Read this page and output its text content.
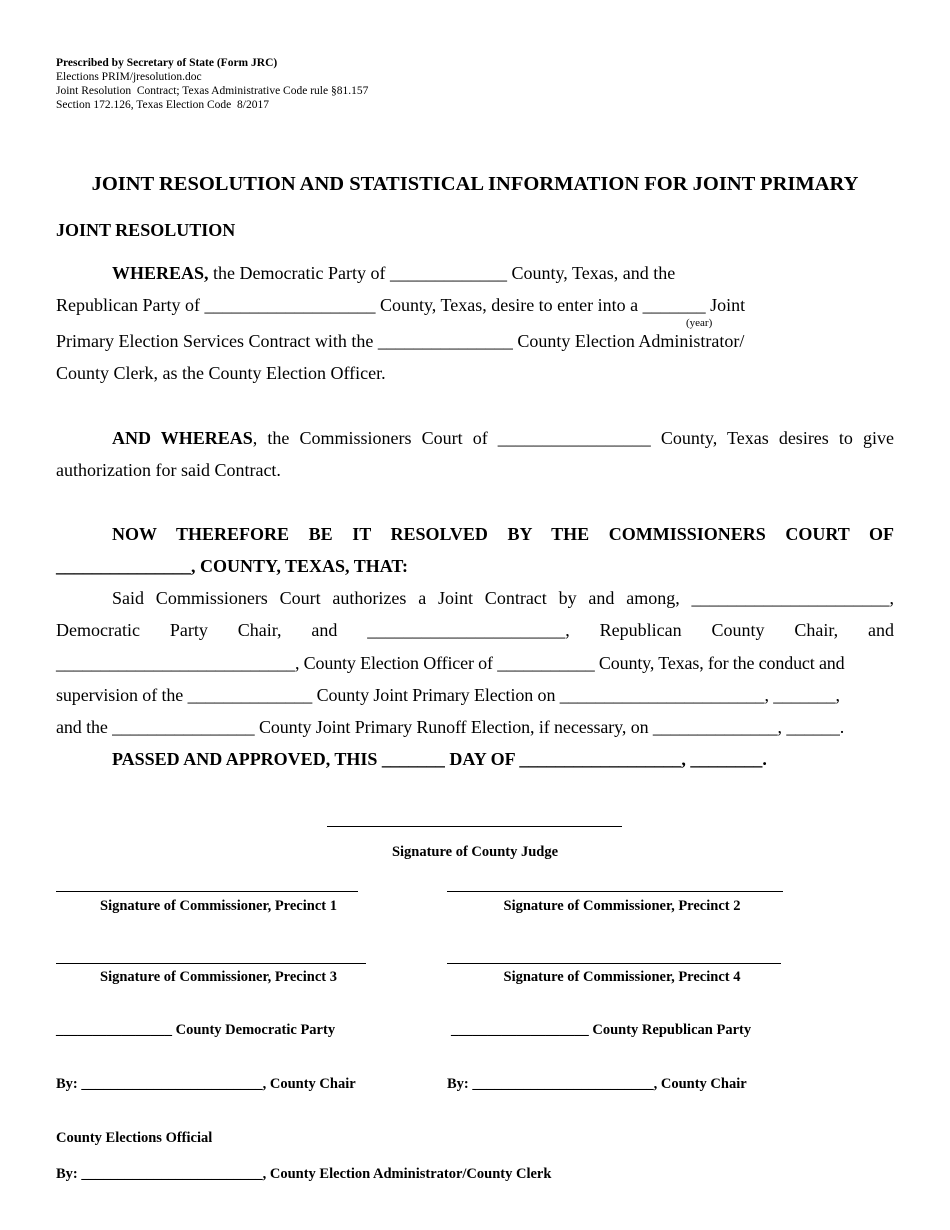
Prescribed by Secretary of State (Form JRC)
Elections PRIM/jresolution.doc
Joint Resolution  Contract; Texas Administrative Code rule §81.157
Section 172.126, Texas Election Code  8/2017
JOINT RESOLUTION AND STATISTICAL INFORMATION FOR JOINT PRIMARY
JOINT RESOLUTION
WHEREAS, the Democratic Party of _____________ County, Texas, and the
Republican Party of ___________________ County, Texas, desire to enter into a _______ Joint
(year)
Primary Election Services Contract with the _______________ County Election Administrator/
County Clerk, as the County Election Officer.
AND WHEREAS, the Commissioners Court of _________________ County, Texas desires to give
authorization for said Contract.
NOW THEREFORE BE IT RESOLVED BY THE COMMISSIONERS COURT OF
_______________, COUNTY, TEXAS, THAT:
Said Commissioners Court authorizes a Joint Contract by and among, ______________________,
Democratic Party Chair, and ______________________, Republican County Chair, and
___________________________, County Election Officer of ___________ County, Texas, for the conduct and
supervision of the ______________ County Joint Primary Election on _______________________, _______,
and the ________________ County Joint Primary Runoff Election, if necessary, on ______________, ______.
PASSED AND APPROVED, THIS _______ DAY OF __________________, ________.
Signature of County Judge
Signature of Commissioner, Precinct 1	Signature of Commissioner, Precinct 2
Signature of Commissioner, Precinct 3	Signature of Commissioner, Precinct 4
________________ County Democratic Party	___________________ County Republican Party
By: _________________________, County Chair	By: _________________________, County Chair
County Elections Official
By: _________________________, County Election Administrator/County Clerk
